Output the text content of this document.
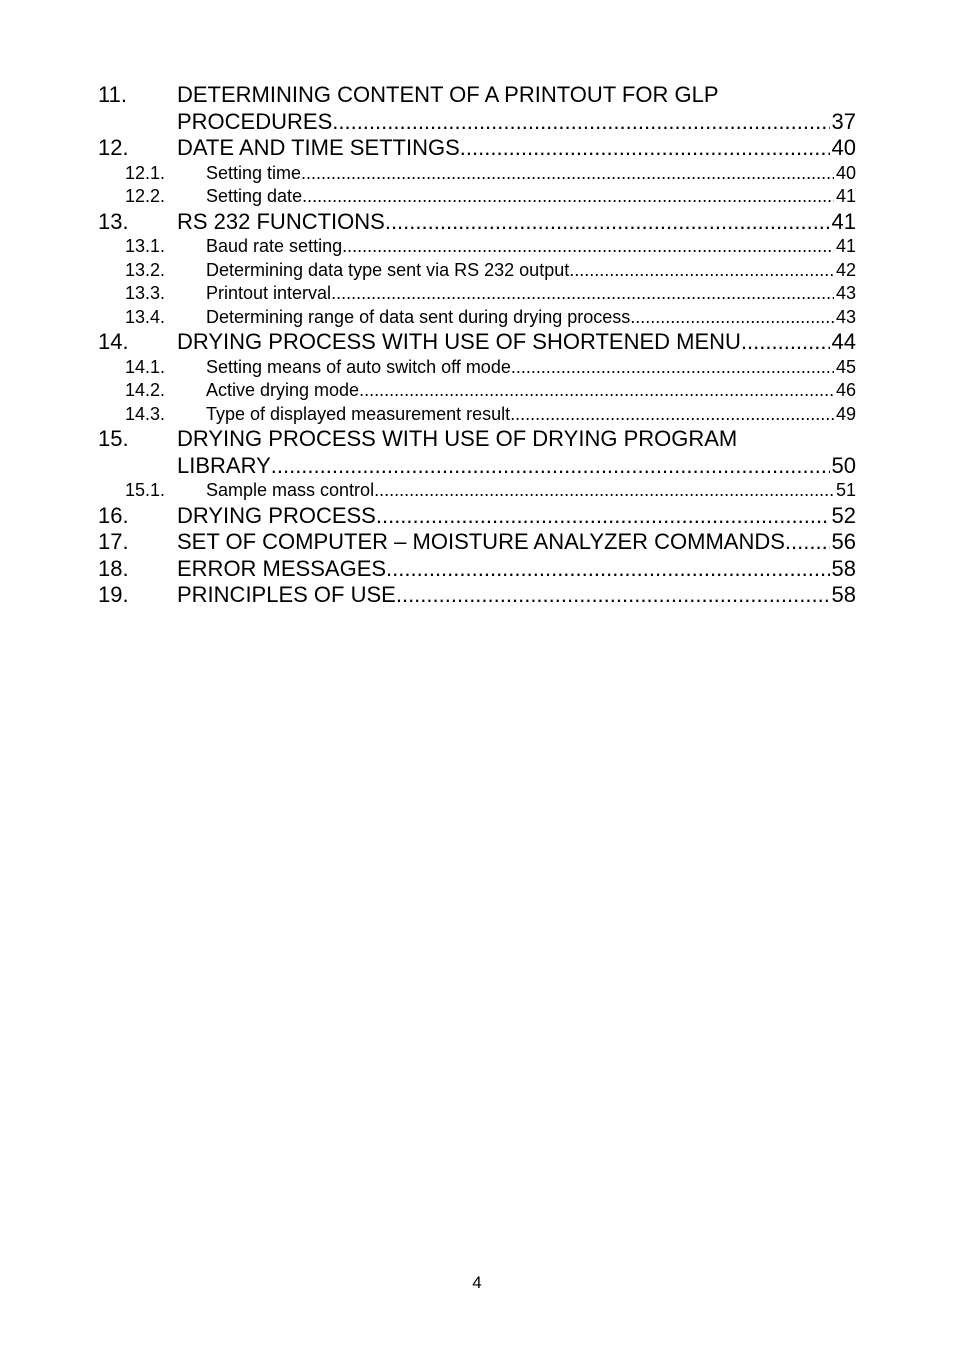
11. DETERMINING CONTENT OF A PRINTOUT FOR GLP
PROCEDURES .....	37
12. DATE AND TIME SETTINGS .....	40
12.1. Setting time .....	40
12.2. Setting date .....	41
13. RS 232 FUNCTIONS .....	41
13.1. Baud rate setting .....	41
13.2. Determining data type sent via RS 232 output .....	42
13.3. Printout interval .....	43
13.4. Determining range of data sent during drying process .....	43
14. DRYING PROCESS WITH USE OF SHORTENED MENU .....	44
14.1. Setting means of auto switch off mode .....	45
14.2. Active drying mode .....	46
14.3. Type of displayed measurement result .....	49
15. DRYING PROCESS WITH USE OF DRYING PROGRAM
LIBRARY .....	50
15.1. Sample mass control .....	51
16. DRYING PROCESS .....	52
17. SET OF COMPUTER – MOISTURE ANALYZER COMMANDS ..... 56
18. ERROR MESSAGES .....	58
19. PRINCIPLES OF USE .....	58
4
